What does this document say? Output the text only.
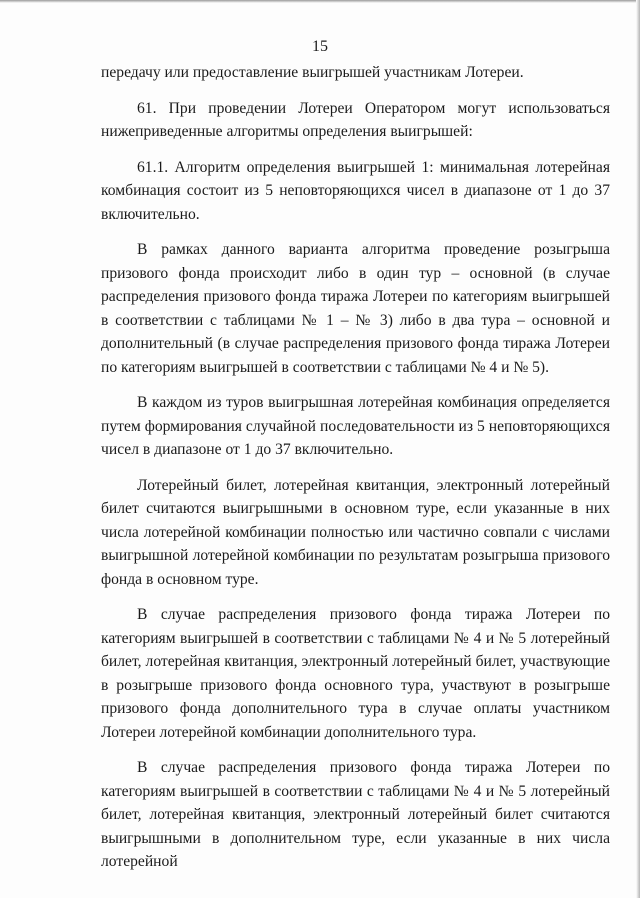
15

передачу или предоставление выигрышей участникам Лотереи.

61. При проведении Лотереи Оператором могут использоваться нижеприведенные алгоритмы определения выигрышей:

61.1. Алгоритм определения выигрышей 1: минимальная лотерейная комбинация состоит из 5 неповторяющихся чисел в диапазоне от 1 до 37 включительно.

В рамках данного варианта алгоритма проведение розыгрыша призового фонда происходит либо в один тур – основной (в случае распределения призового фонда тиража Лотереи по категориям выигрышей в соответствии с таблицами № 1 – № 3) либо в два тура – основной и дополнительный (в случае распределения призового фонда тиража Лотереи по категориям выигрышей в соответствии с таблицами № 4 и № 5).

В каждом из туров выигрышная лотерейная комбинация определяется путем формирования случайной последовательности из 5 неповторяющихся чисел в диапазоне от 1 до 37 включительно.

Лотерейный билет, лотерейная квитанция, электронный лотерейный билет считаются выигрышными в основном туре, если указанные в них числа лотерейной комбинации полностью или частично совпали с числами выигрышной лотерейной комбинации по результатам розыгрыша призового фонда в основном туре.

В случае распределения призового фонда тиража Лотереи по категориям выигрышей в соответствии с таблицами № 4 и № 5 лотерейный билет, лотерейная квитанция, электронный лотерейный билет, участвующие в розыгрыше призового фонда основного тура, участвуют в розыгрыше призового фонда дополнительного тура в случае оплаты участником Лотереи лотерейной комбинации дополнительного тура.

В случае распределения призового фонда тиража Лотереи по категориям выигрышей в соответствии с таблицами № 4 и № 5 лотерейный билет, лотерейная квитанция, электронный лотерейный билет считаются выигрышными в дополнительном туре, если указанные в них числа лотерейной
